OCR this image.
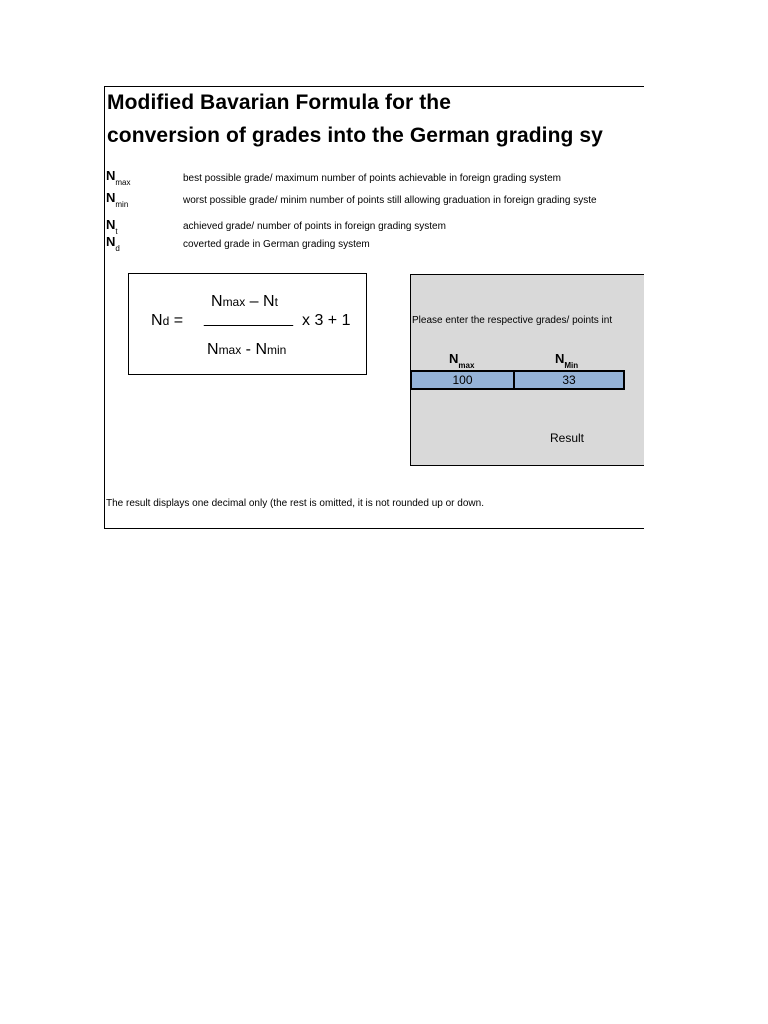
Modified Bavarian Formula for the
conversion of grades into the German grading sy
$N_{max}$	best possible grade/ maximum number of points achievable in foreign grading system
$N_{min}$	worst possible grade/ minim number of points still allowing graduation in foreign grading syste
$N_t$	achieved grade/ number of points in foreign grading system
$N_d$	coverted grade in German grading system
Nmax – Nt
Nd = __________ x 3 + 1
Nmax - Nmin
Please enter the respective grades/ points int
$N_{max}$	$N_{Min}$
100	33
Result
The result displays one decimal only (the rest is omitted, it is not rounded up or down.
